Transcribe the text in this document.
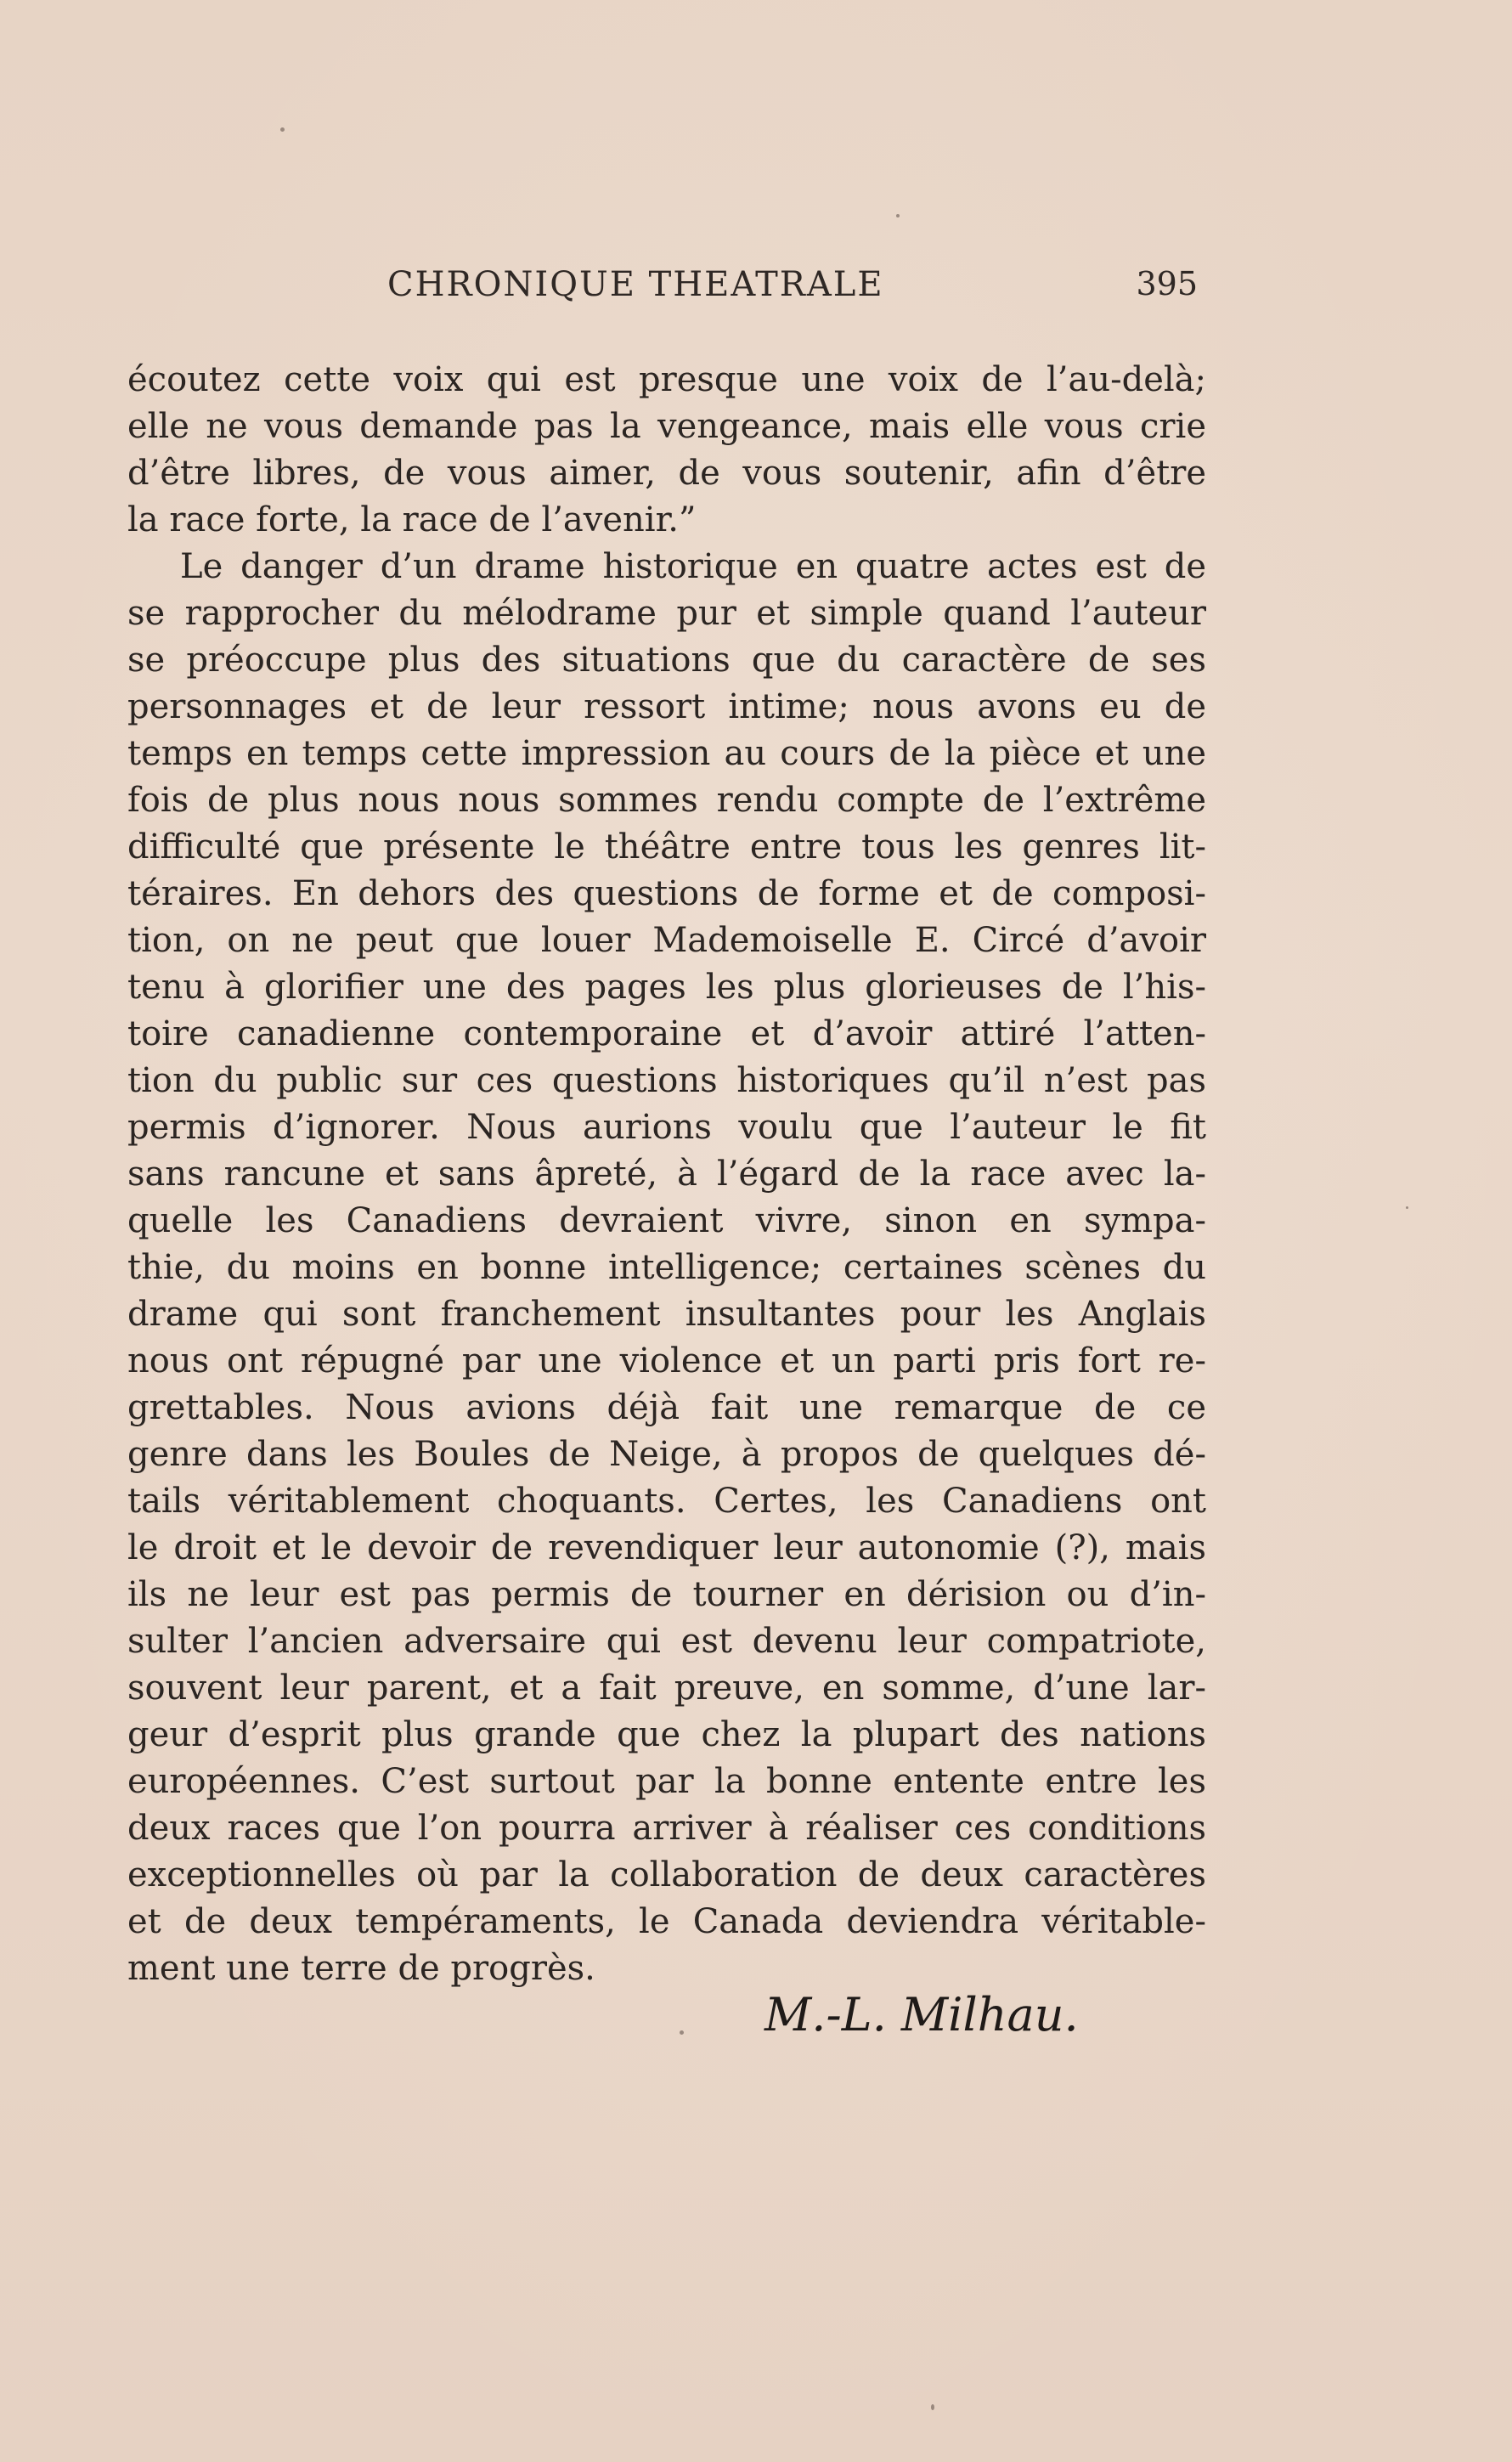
CHRONIQUE THEATRALE	395
écoutez cette voix qui est presque une voix de l’au-delà;
elle ne vous demande pas la vengeance, mais elle vous crie
d’être libres, de vous aimer, de vous soutenir, afin d’être
la race forte, la race de l’avenir.”
Le danger d’un drame historique en quatre actes est de
se rapprocher du mélodrame pur et simple quand l’auteur
se préoccupe plus des situations que du caractère de ses
personnages et de leur ressort intime; nous avons eu de
temps en temps cette impression au cours de la pièce et une
fois de plus nous nous sommes rendu compte de l’extrême
difficulté que présente le théâtre entre tous les genres lit-
téraires. En dehors des questions de forme et de composi-
tion, on ne peut que louer Mademoiselle E. Circé d’avoir
tenu à glorifier une des pages les plus glorieuses de l’his-
toire canadienne contemporaine et d’avoir attiré l’atten-
tion du public sur ces questions historiques qu’il n’est pas
permis d’ignorer. Nous aurions voulu que l’auteur le fit
sans rancune et sans âpreté, à l’égard de la race avec la-
quelle les Canadiens devraient vivre, sinon en sympa-
thie, du moins en bonne intelligence; certaines scènes du
drame qui sont franchement insultantes pour les Anglais
nous ont répugné par une violence et un parti pris fort re-
grettables. Nous avions déjà fait une remarque de ce
genre dans les Boules de Neige, à propos de quelques dé-
tails véritablement choquants. Certes, les Canadiens ont
le droit et le devoir de revendiquer leur autonomie (?), mais
ils ne leur est pas permis de tourner en dérision ou d’in-
sulter l’ancien adversaire qui est devenu leur compatriote,
souvent leur parent, et a fait preuve, en somme, d’une lar-
geur d’esprit plus grande que chez la plupart des nations
européennes. C’est surtout par la bonne entente entre les
deux races que l’on pourra arriver à réaliser ces conditions
exceptionnelles où par la collaboration de deux caractères
et de deux tempéraments, le Canada deviendra véritable-
ment une terre de progrès.
M.-L. Milhau.
